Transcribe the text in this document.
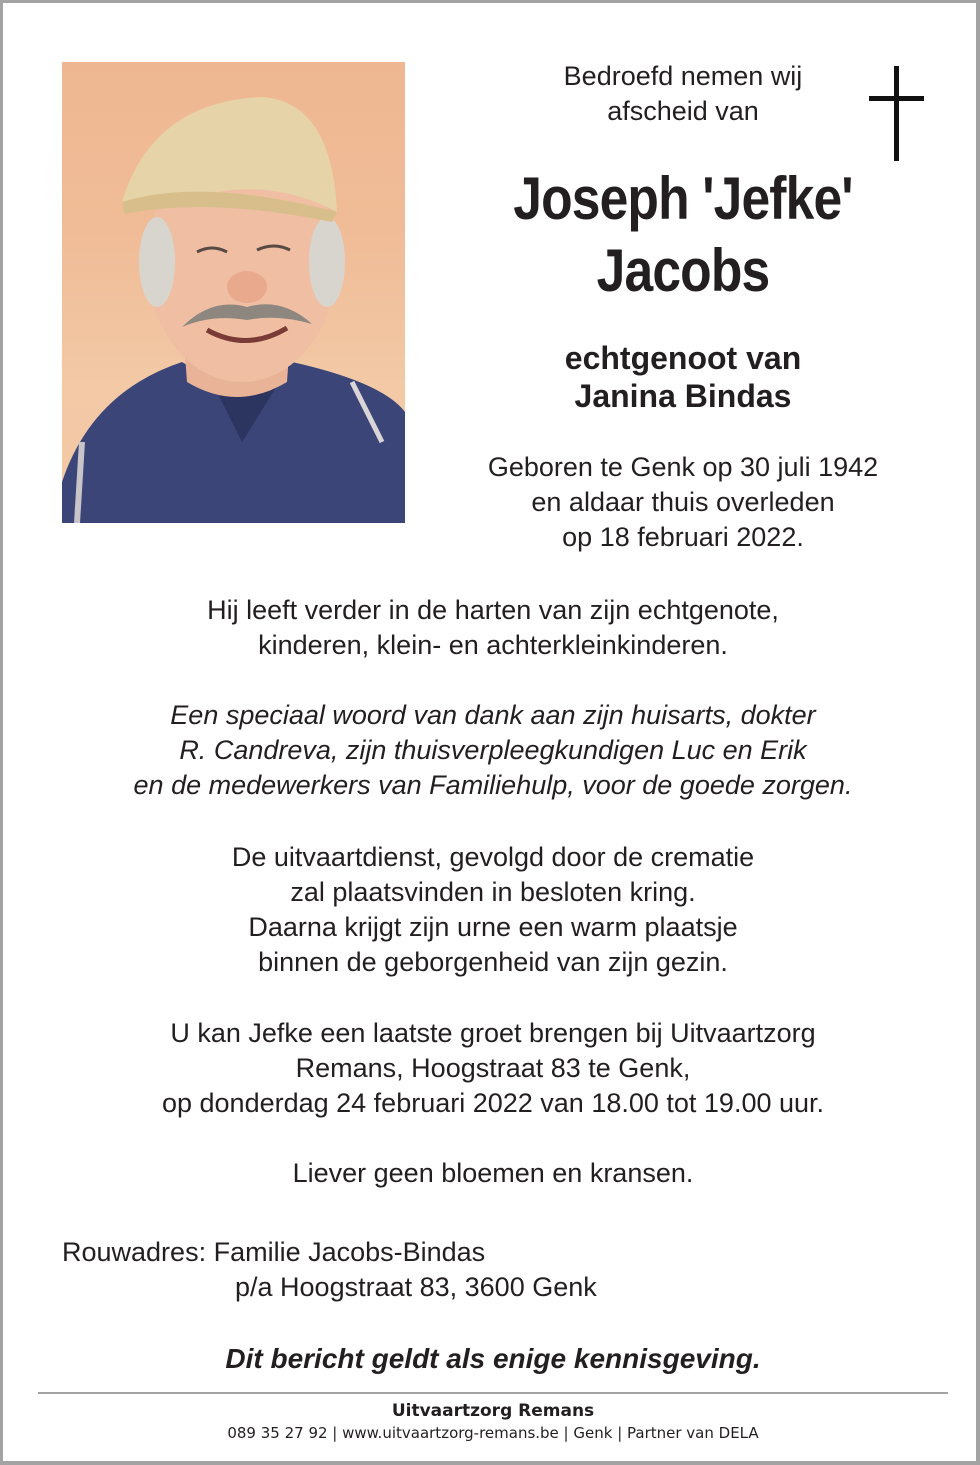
Bedroefd nemen wij
afscheid van
Joseph 'Jefke'
Jacobs
echtgenoot van
Janina Bindas
Geboren te Genk op 30 juli 1942
en aldaar thuis overleden
op 18 februari 2022.
Hij leeft verder in de harten van zijn echtgenote,
kinderen, klein- en achterkleinkinderen.
Een speciaal woord van dank aan zijn huisarts, dokter
R. Candreva, zijn thuisverpleegkundigen Luc en Erik
en de medewerkers van Familiehulp, voor de goede zorgen.
De uitvaartdienst, gevolgd door de crematie
zal plaatsvinden in besloten kring.
Daarna krijgt zijn urne een warm plaatsje
binnen de geborgenheid van zijn gezin.
U kan Jefke een laatste groet brengen bij Uitvaartzorg
Remans, Hoogstraat 83 te Genk,
op donderdag 24 februari 2022 van 18.00 tot 19.00 uur.
Liever geen bloemen en kransen.
Rouwadres: Familie Jacobs-Bindas
p/a Hoogstraat 83, 3600 Genk
Dit bericht geldt als enige kennisgeving.
Uitvaartzorg Remans
089 35 27 92 | www.uitvaartzorg-remans.be | Genk | Partner van DELA
